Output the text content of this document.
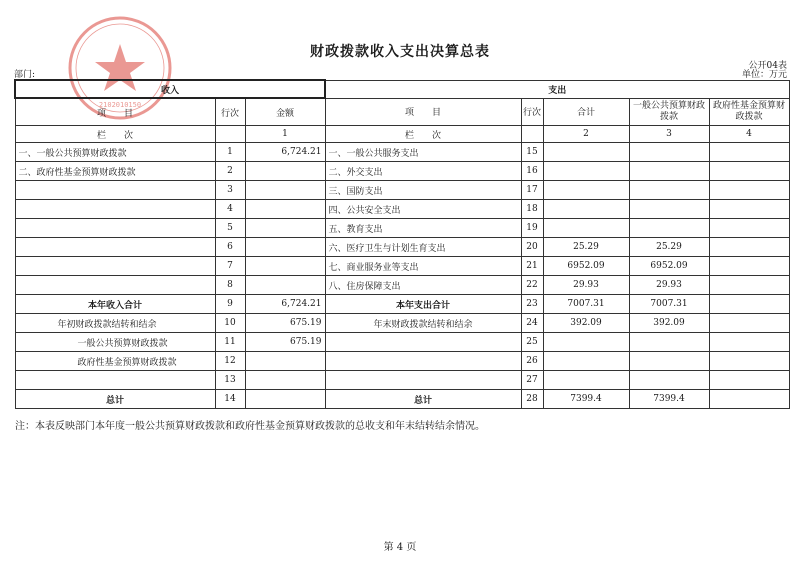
2102010150
财政拨款收入支出决算总表
公开04表
部门:	单位：万元
收入			支出				
项　　目	行次	金额	项　　目	行次	合计	一般公共预算财政拨款	政府性基金预算财政拨款
栏　　次		1	栏　　次		2	3	4
一、一般公共预算财政拨款	1	6,724.21	一、一般公共服务支出	15			
二、政府性基金预算财政拨款	2		二、外交支出	16			
	3		三、国防支出	17			
	4		四、公共安全支出	18			
	5		五、教育支出	19			
	6		六、医疗卫生与计划生育支出	20	25.29	25.29	
	7		七、商业服务业等支出	21	6952.09	6952.09	
	8		八、住房保障支出	22	29.93	29.93	
本年收入合计	9	6,724.21	本年支出合计	23	7007.31	7007.31	
年初财政拨款结转和结余	10	675.19	年末财政拨款结转和结余	24	392.09	392.09	
一般公共预算财政拨款	11	675.19		25			
政府性基金预算财政拨款	12			26			
	13			27			
总计	14		总计	28	7399.4	7399.4	
注：本表反映部门本年度一般公共预算财政拨款和政府性基金预算财政拨款的总收支和年末结转结余情况。
第 4 页
